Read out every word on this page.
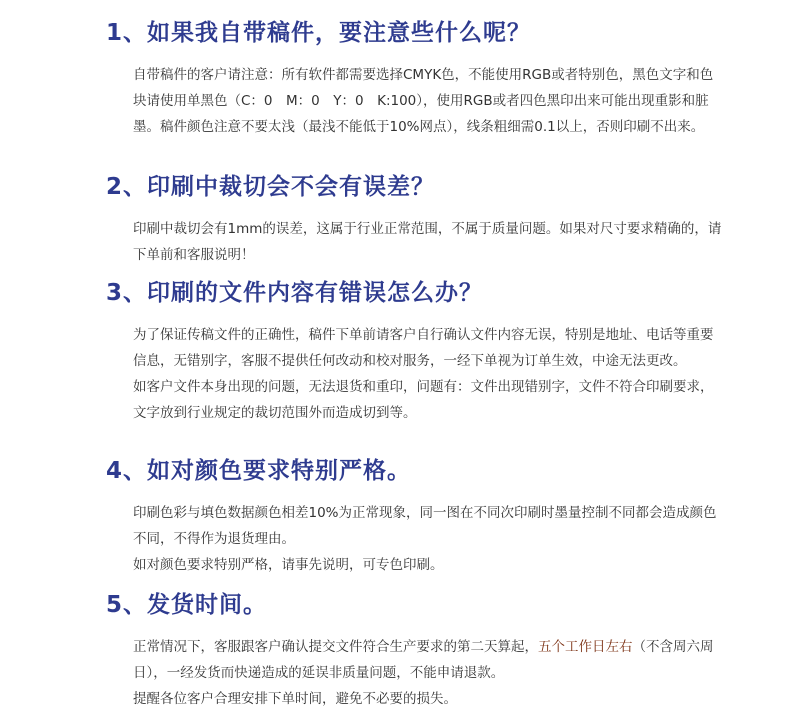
1、如果我自带稿件，要注意些什么呢？

自带稿件的客户请注意：所有软件都需要选择CMYK色，不能使用RGB或者特别色，黑色文字和色块请使用单黑色（C：0　M：0　Y：0　K:100），使用RGB或者四色黑印出来可能出现重影和脏墨。稿件颜色注意不要太浅（最浅不能低于10%网点），线条粗细需0.1以上，否则印刷不出来。

2、印刷中裁切会不会有误差？

印刷中裁切会有1mm的误差，这属于行业正常范围，不属于质量问题。如果对尺寸要求精确的，请下单前和客服说明！

3、印刷的文件内容有错误怎么办？

为了保证传稿文件的正确性，稿件下单前请客户自行确认文件内容无误，特别是地址、电话等重要信息，无错别字，客服不提供任何改动和校对服务，一经下单视为订单生效，中途无法更改。

如客户文件本身出现的问题，无法退货和重印，问题有：文件出现错别字，文件不符合印刷要求，文字放到行业规定的裁切范围外而造成切到等。

4、如对颜色要求特别严格。

印刷色彩与填色数据颜色相差10%为正常现象，同一图在不同次印刷时墨量控制不同都会造成颜色不同，不得作为退货理由。

如对颜色要求特别严格，请事先说明，可专色印刷。

5、发货时间。

正常情况下，客服跟客户确认提交文件符合生产要求的第二天算起，五个工作日左右（不含周六周日），一经发货而快递造成的延误非质量问题，不能申请退款。

提醒各位客户合理安排下单时间，避免不必要的损失。
